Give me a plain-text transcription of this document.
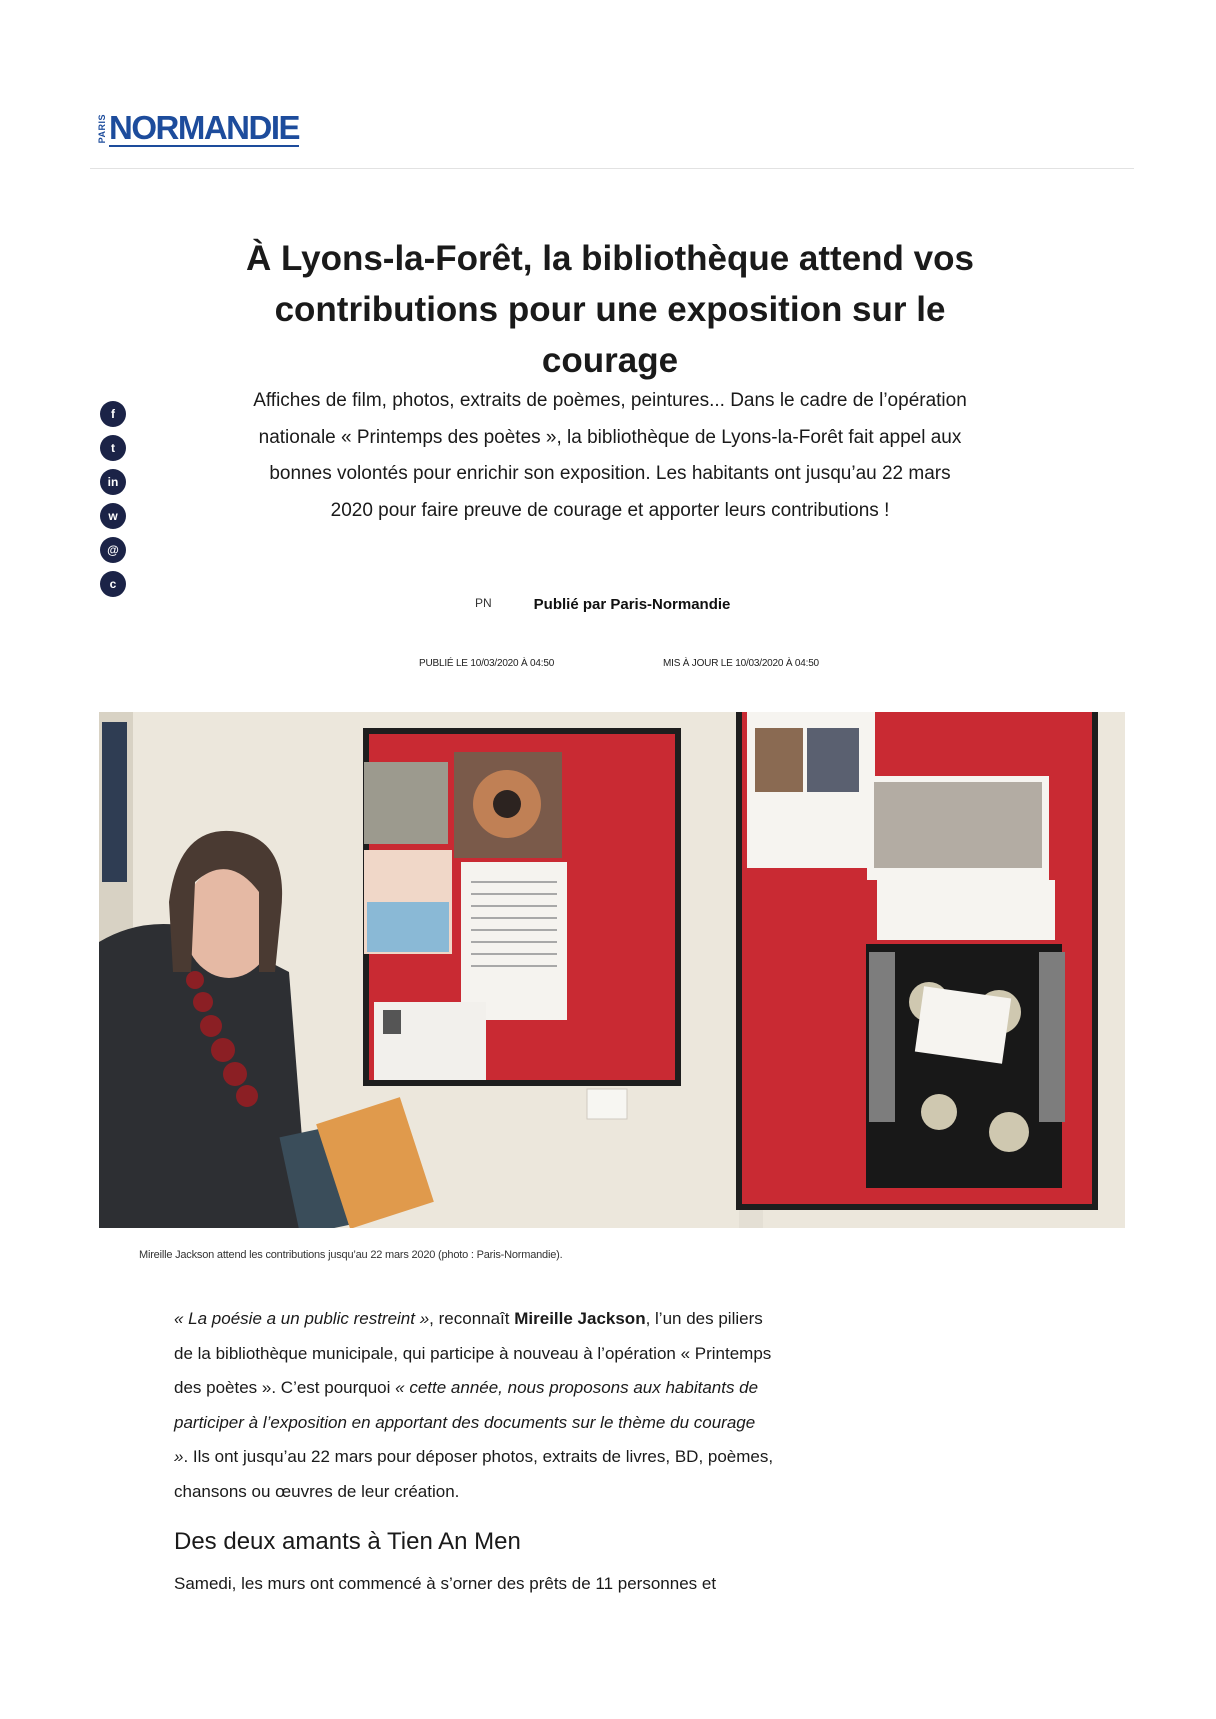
PARIS NORMANDIE
À Lyons-la-Forêt, la bibliothèque attend vos contributions pour une exposition sur le courage

Affiches de film, photos, extraits de poèmes, peintures... Dans le cadre de l’opération nationale « Printemps des poètes », la bibliothèque de Lyons-la-Forêt fait appel aux bonnes volontés pour enrichir son exposition. Les habitants ont jusqu’au 22 mars 2020 pour faire preuve de courage et apporter leurs contributions !

f
t
in
w
@
c
PN	Publié par Paris-Normandie
PUBLIÉ LE 10/03/2020 À 04:50	MIS À JOUR LE 10/03/2020 À 04:50
Mireille Jackson attend les contributions jusqu’au 22 mars 2020 (photo : Paris-Normandie).

« La poésie a un public restreint », reconnaît Mireille Jackson, l’un des piliers de la bibliothèque municipale, qui participe à nouveau à l’opération « Printemps des poètes ». C’est pourquoi « cette année, nous proposons aux habitants de participer à l’exposition en apportant des documents sur le thème du courage ». Ils ont jusqu’au 22 mars pour déposer photos, extraits de livres, BD, poèmes, chansons ou œuvres de leur création.

Des deux amants à Tien An Men

Samedi, les murs ont commencé à s’orner des prêts de 11 personnes et
